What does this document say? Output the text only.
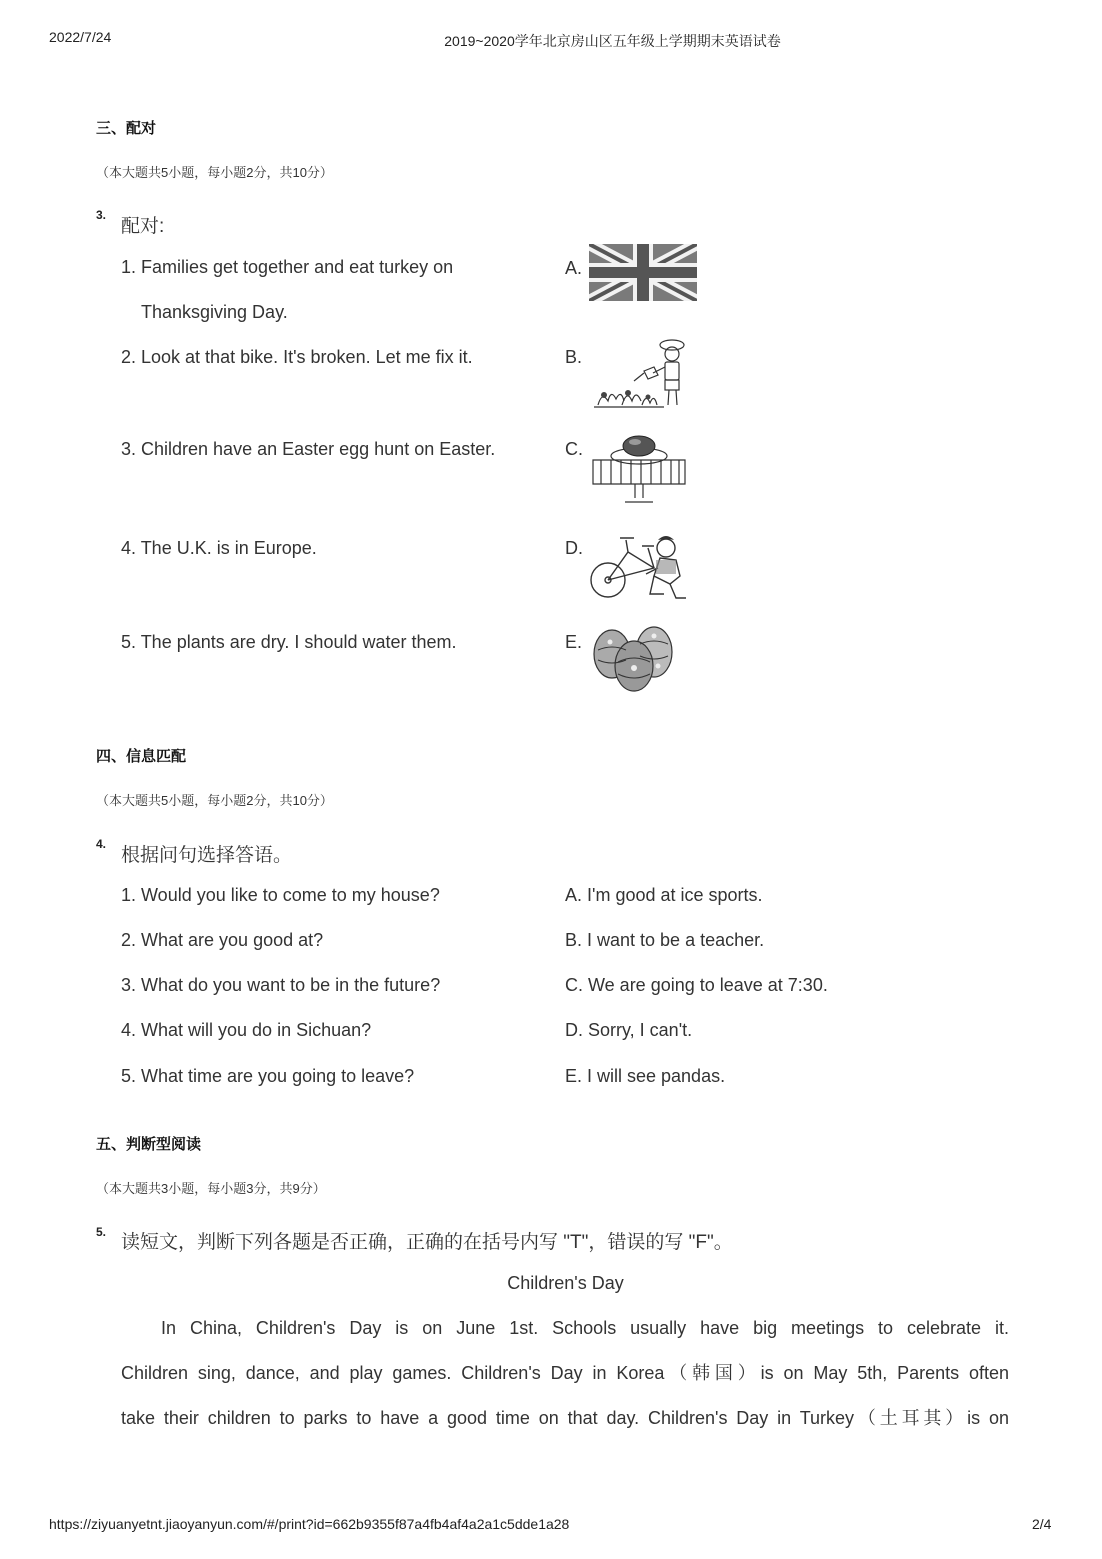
2022/7/24	2019~2020学年北京房山区五年级上学期期末英语试卷
三、配对
（本大题共5小题，每小题2分，共10分）
3.
配对:
1. Families get together and eat turkey on
Thanksgiving Day.
2. Look at that bike. It's broken. Let me fix it.
3. Children have an Easter egg hunt on Easter.
4. The U.K. is in Europe.
5. The plants are dry. I should water them.
A.
B.
C.
D.
E.
四、信息匹配
（本大题共5小题，每小题2分，共10分）
4.
根据问句选择答语。
1. Would you like to come to my house?
2. What are you good at?
3. What do you want to be in the future?
4. What will you do in Sichuan?
5. What time are you going to leave?
A. I'm good at ice sports.
B. I want to be a teacher.
C. We are going to leave at 7:30.
D. Sorry, I can't.
E. I will see pandas.
五、判断型阅读
（本大题共3小题，每小题3分，共9分）
5. 读短文，判断下列各题是否正确，正确的在括号内写 "T"，错误的写 "F"。
Children's Day
In China, Children's Day is on June 1st. Schools usually have big meetings to celebrate it.
Children sing, dance, and play games. Children's Day in Korea（韩国）is on May 5th, Parents often
take their children to parks to have a good time on that day. Children's Day in Turkey（土耳其）is on
https://ziyuanyetnt.jiaoyanyun.com/#/print?id=662b9355f87a4fb4af4a2a1c5dde1a28	2/4
